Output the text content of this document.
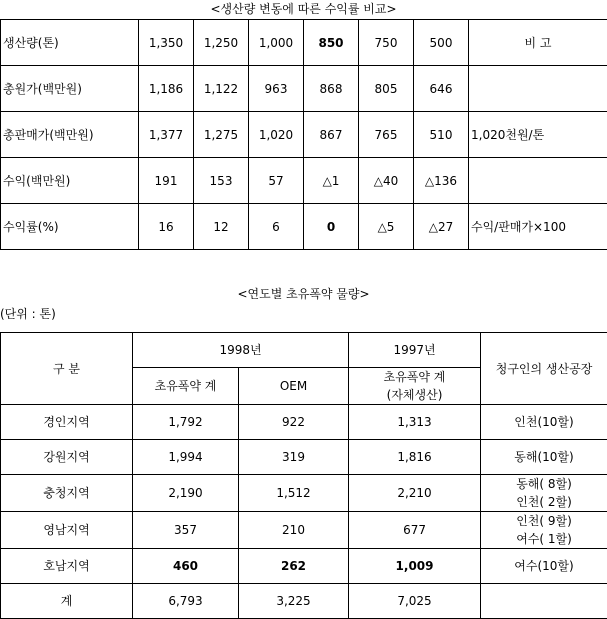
<생산량 변동에 따른 수익률 비교>
생산량(톤)	1,350	1,250	1,000	850	750	500	비 고
총원가(백만원)	1,186	1,122	963	868	805	646	
총판매가(백만원)	1,377	1,275	1,020	867	765	510	1,020천원/톤
수익(백만원)	191	153	57	△1	△40	△136	
수익률(%)	16	12	6	0	△5	△27	수익/판매가×100
<연도별 초유폭약 물량>
(단위 : 톤)
구 분	1998년		1997년	청구인의 생산공장
	초유폭약 계	OEM	초유폭약 계
(자체생산)	

경인지역	1,792	922	1,313	인천(10할)

강원지역	1,994	319	1,816	동해(10할)

충청지역	2,190	1,512	2,210	동해( 8할)
인천( 2할)

영남지역	357	210	677	인천( 9할)
여수( 1할)

호남지역	460	262	1,009	여수(10할)

계	6,793	3,225	7,025	
